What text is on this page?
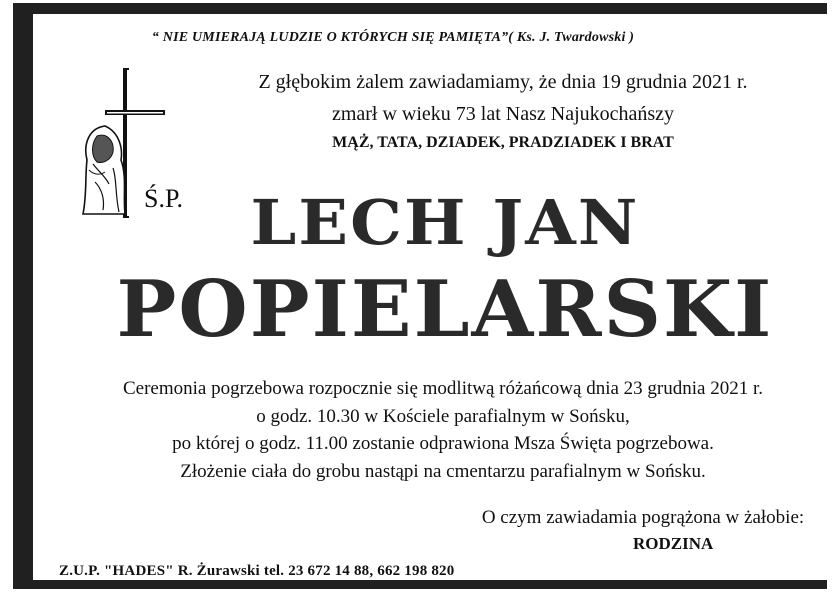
“ NIE UMIERAJĄ LUDZIE O KTÓRYCH SIĘ PAMIĘTA”( Ks. J. Twardowski )
Z głębokim żalem zawiadamiamy, że dnia 19 grudnia 2021 r.
zmarł w wieku 73 lat Nasz Najukochańszy
MĄŻ, TATA, DZIADEK, PRADZIADEK I BRAT
Ś.P.	LECH JAN
POPIELARSKI
Ceremonia pogrzebowa rozpocznie się modlitwą różańcową dnia 23 grudnia 2021 r.
o godz. 10.30 w Kościele parafialnym w Sońsku,
po której o godz. 11.00 zostanie odprawiona Msza Święta pogrzebowa.
Złożenie ciała do grobu nastąpi na cmentarzu parafialnym w Sońsku.
O czym zawiadamia pogrążona w żałobie:
RODZINA
Z.U.P. "HADES" R. Żurawski tel. 23 672 14 88, 662 198 820
